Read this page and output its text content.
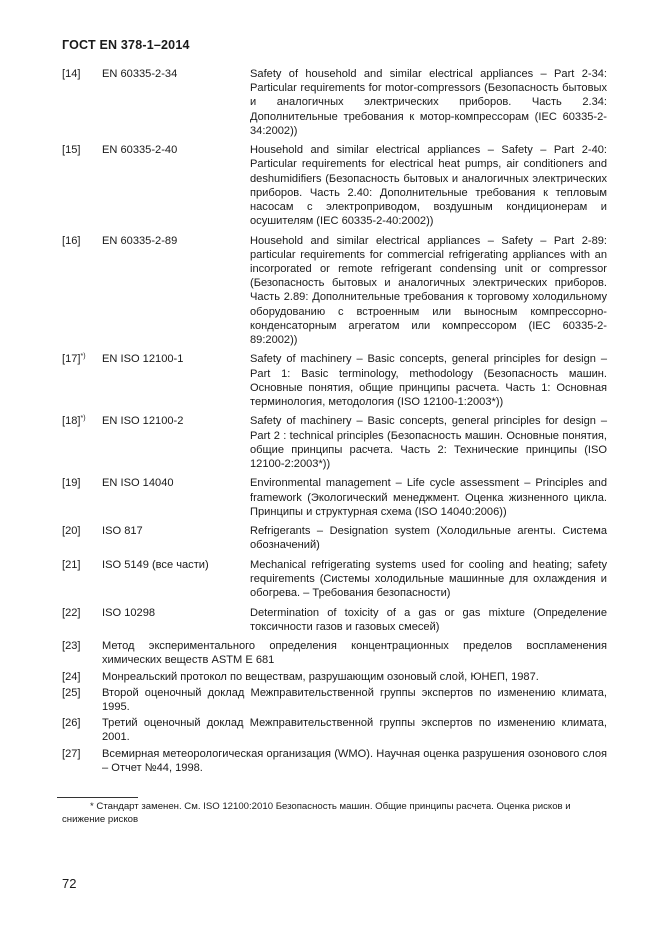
ГОСТ EN 378-1–2014
[14]	EN 60335-2-34	Safety of household and similar electrical appliances – Part 2-34: Particular requirements for motor-compressors (Безопасность бытовых и аналогичных электрических приборов. Часть 2.34: Дополнительные требования к мотор-компрессорам (IEC 60335-2-34:2002))
[15]	EN 60335-2-40	Household and similar electrical appliances – Safety – Part 2-40: Particular requirements for electrical heat pumps, air conditioners and deshumidifiers (Безопасность бытовых и аналогичных электрических приборов. Часть 2.40: Дополнительные требования к тепловым насосам с электроприводом, воздушным кондиционерам и осушителям (IEC 60335-2-40:2002))
[16]	EN 60335-2-89	Household and similar electrical appliances – Safety – Part 2-89: particular requirements for commercial refrigerating appliances with an incorporated or remote refrigerant condensing unit or compressor (Безопасность бытовых и аналогичных электрических приборов. Часть 2.89: Дополнительные требования к торговому холодильному оборудованию с встроенным или выносным компрессорно-конденсаторным агрегатом или компрессором (IEC 60335-2-89:2002))
[17]*)	EN ISO 12100-1	Safety of machinery – Basic concepts, general principles for design – Part 1: Basic terminology, methodology (Безопасность машин. Основные понятия, общие принципы расчета. Часть 1: Основная терминология, методология (ISO 12100-1:2003*))
[18]*)	EN ISO 12100-2	Safety of machinery – Basic concepts, general principles for design – Part 2 : technical principles (Безопасность машин. Основные понятия, общие принципы расчета. Часть 2: Технические принципы (ISO 12100-2:2003*))
[19]	EN ISO 14040	Environmental management – Life cycle assessment – Principles and framework (Экологический менеджмент. Оценка жизненного цикла. Принципы и структурная схема (ISO 14040:2006))
[20]	ISO 817	Refrigerants – Designation system (Холодильные агенты. Система обозначений)
[21]	ISO 5149 (все части)	Mechanical refrigerating systems used for cooling and heating; safety requirements (Системы холодильные машинные для охлаждения и обогрева. – Требования безопасности)
[22]	ISO 10298	Determination of toxicity of a gas or gas mixture (Определение токсичности газов и газовых смесей)
[23]	Метод экспериментального определения концентрационных пределов воспламенения химических веществ ASTM E 681
[24]	Монреальский протокол по веществам, разрушающим озоновый слой, ЮНЕП, 1987.
[25]	Второй оценочный доклад Межправительственной группы экспертов по изменению климата, 1995.
[26]	Третий оценочный доклад Межправительственной группы экспертов по изменению климата, 2001.
[27]	Всемирная метеорологическая организация (WMO). Научная оценка разрушения озонового слоя – Отчет №44, 1998.
* Стандарт заменен. См. ISO 12100:2010 Безопасность машин. Общие принципы расчета. Оценка рисков и снижение рисков
72
